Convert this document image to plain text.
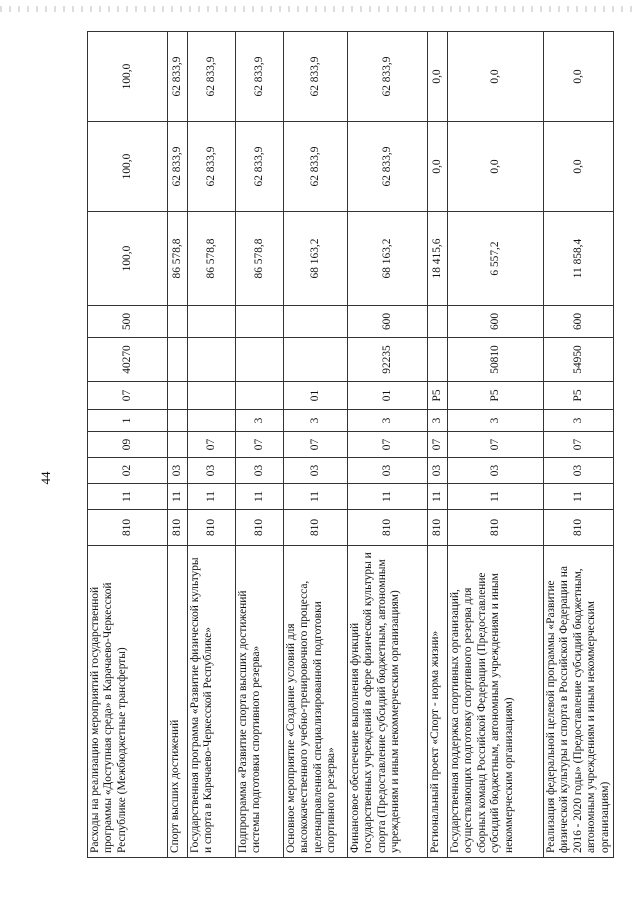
44
Расходы на реализацию мероприятий государственной программы «Доступная среда» в Карачаево-Черкесской Республике (Межбюджетные трансферты)	810	11	02	09	1	07	40270	500	100,0	100,0	100,0
Спорт высших достижений	810	11	03						86 578,8	62 833,9	62 833,9
Государственная программа «Развитие физической культуры и спорта в Карачаево-Черкесской Республике»	810	11	03	07					86 578,8	62 833,9	62 833,9
Подпрограмма «Развитие спорта высших достижений системы подготовки спортивного резерва»	810	11	03	07	3				86 578,8	62 833,9	62 833,9
Основное мероприятие «Создание условий для высококачественного учебно-тренировочного процесса, целенаправленной специализированной подготовки спортивного резерва»	810	11	03	07	3	01			68 163,2	62 833,9	62 833,9
Финансовое обеспечение выполнения функций государственных учреждений в сфере физической культуры и спорта (Предоставление субсидий бюджетным, автономным учреждениям и иным некоммерческим организациям)	810	11	03	07	3	01	92235	600	68 163,2	62 833,9	62 833,9
Региональный проект «Спорт - норма жизни»	810	11	03	07	3	P5			18 415,6	0,0	0,0
Государственная поддержка спортивных организаций, осуществляющих подготовку спортивного резерва для сборных команд Российской Федерации (Предоставление субсидий бюджетным, автономным учреждениям и иным некоммерческим организациям)	810	11	03	07	3	P5	50810	600	6 557,2	0,0	0,0
Реализация федеральной целевой программы «Развитие физической культуры и спорта в Российской Федерации на 2016 - 2020 годы» (Предоставление субсидий бюджетным, автономным учреждениям и иным некоммерческим организациям)	810	11	03	07	3	P5	54950	600	11 858,4	0,0	0,0
